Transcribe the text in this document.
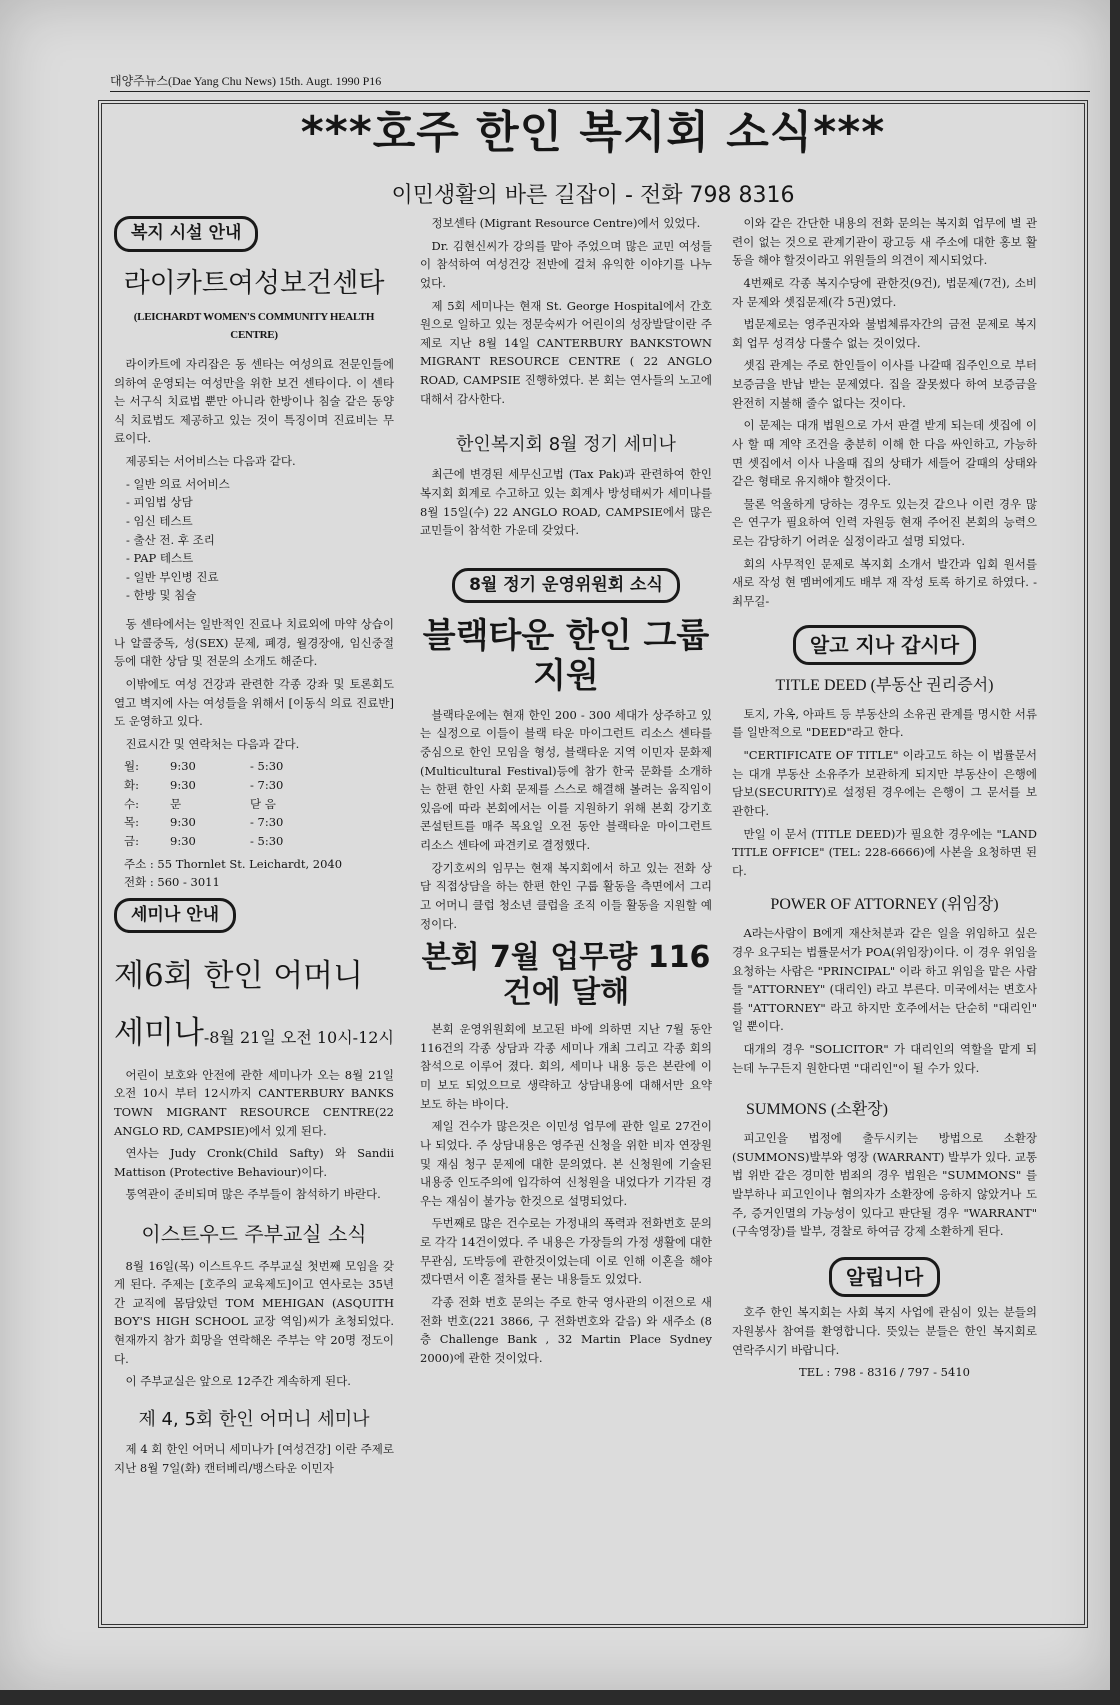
대양주뉴스(Dae Yang Chu News) 15th. Augt. 1990 P16
***호주 한인 복지회 소식***
이민생활의 바른 길잡이 - 전화 798 8316
복지 시설 안내
라이카트여성보건센타
(LEICHARDT WOMEN'S COMMUNITY HEALTH CENTRE)

라이카트에 자리잡은 동 센타는 여성의료 전문인들에 의하여 운영되는 여성만을 위한 보건 센타이다. 이 센타는 서구식 치료법 뿐만 아니라 한방이나 침술 같은 동양식 치료법도 제공하고 있는 것이 특징이며 진료비는 무료이다.

제공되는 서어비스는 다음과 같다.

- 일반 의료 서어비스
- 피임법 상담
- 임신 테스트
- 출산 전. 후 조리
- PAP 테스트
- 일반 부인병 진료
- 한방 및 침술

동 센타에서는 일반적인 진료나 치료외에 마약 상습이나 알콜중독, 성(SEX) 문제, 폐경, 월경장애, 임신중절 등에 대한 상담 및 전문의 소개도 해준다.

이밖에도 여성 건강과 관련한 각종 강좌 및 토론회도 열고 벽지에 사는 여성들을 위해서 [이동식 의료 진료반] 도 운영하고 있다.

진료시간 및 연락처는 다음과 같다.

월:	9:30	- 5:30
화:	9:30	- 7:30
수:	문	닫 음
목:	9:30	- 7:30
금:	9:30	- 5:30
주소 : 55 Thornlet St. Leichardt, 2040
전화 : 560 - 3011
세미나 안내
제6회 한인 어머니
세미나-8월 21일 오전 10시-12시

어린이 보호와 안전에 관한 세미나가 오는 8월 21일 오전 10시 부터 12시까지 CANTERBURY BANKS TOWN MIGRANT RESOURCE CENTRE(22 ANGLO RD, CAMPSIE)에서 있게 된다.

연사는 Judy Cronk(Child Safty) 와 Sandii Mattison (Protective Behaviour)이다.

통역관이 준비되며 많은 주부들이 참석하기 바란다.

이스트우드 주부교실 소식

8월 16일(목) 이스트우드 주부교실 첫번째 모임을 갖게 된다. 주제는 [호주의 교육제도]이고 연사로는 35년간 교직에 몸담았던 TOM MEHIGAN (ASQUITH BOY'S HIGH SCHOOL 교장 역임)씨가 초청되었다. 현재까지 참가 희망을 연락해온 주부는 약 20명 정도이다.

이 주부교실은 앞으로 12주간 계속하게 된다.

제 4, 5회 한인 어머니 세미나

제 4 회 한인 어머니 세미나가 [여성건강] 이란 주제로 지난 8월 7일(화) 캔터베리/뱅스타운 이민자

정보센타 (Migrant Resource Centre)에서 있었다.

Dr. 김현신씨가 강의를 맡아 주었으며 많은 교민 여성들이 참석하여 여성건강 전반에 걸쳐 유익한 이야기를 나누었다.

제 5회 세미나는 현재 St. George Hospital에서 간호원으로 일하고 있는 정문숙씨가 어린이의 성장발달이란 주제로 지난 8월 14일 CANTERBURY BANKSTOWN MIGRANT RESOURCE CENTRE ( 22 ANGLO ROAD, CAMPSIE 진행하였다. 본 회는 연사들의 노고에 대해서 감사한다.

한인복지회 8월 정기 세미나

최근에 변경된 세무신고법 (Tax Pak)과 관련하여 한인복지회 회계로 수고하고 있는 회계사 방성태씨가 세미나를 8월 15일(수) 22 ANGLO ROAD, CAMPSIE에서 많은 교민들이 참석한 가운데 갖었다.

8월 정기 운영위원회 소식
블랙타운 한인 그룹 지원

블랙타운에는 현재 한인 200 - 300 세대가 상주하고 있는 실정으로 이들이 블랙 타운 마이그런트 리소스 센타를 중심으로 한인 모임을 형성, 블랙타운 지역 이민자 문화제(Multicultural Festival)등에 참가 한국 문화를 소개하는 한편 한인 사회 문제를 스스로 해결해 볼려는 움직임이 있음에 따라 본회에서는 이를 지원하기 위해 본회 강기호 콘설턴트를 매주 목요일 오전 동안 블랙타운 마이그런트 리소스 센타에 파견키로 결정했다.

강기호씨의 임무는 현재 복지회에서 하고 있는 전화 상담 직접상담을 하는 한편 한인 구룹 활동을 측면에서 그리고 어머니 클럽 청소년 클럽을 조직 이들 활동을 지원할 예정이다.

본회 7월 업무량 116건에 달해

본회 운영위원회에 보고된 바에 의하면 지난 7월 동안 116건의 각종 상담과 각종 세미나 개최 그리고 각종 회의 참석으로 이루어 졌다. 회의, 세미나 내용 등은 본란에 이미 보도 되었으므로 생략하고 상담내용에 대해서만 요약 보도 하는 바이다.

제일 건수가 많은것은 이민성 업무에 관한 일로 27건이나 되었다. 주 상담내용은 영주권 신청을 위한 비자 연장원및 재심 청구 문제에 대한 문의였다. 본 신청원에 기술된 내용중 인도주의에 입각하여 신청원을 내었다가 기각된 경우는 재심이 불가능 한것으로 설명되었다.

두번째로 많은 건수로는 가정내의 폭력과 전화번호 문의로 각각 14건이였다. 주 내용은 가장들의 가정 생활에 대한 무관심, 도박등에 관한것이었는데 이로 인해 이혼을 해야겠다면서 이혼 절차를 묻는 내용들도 있었다.

각종 전화 번호 문의는 주로 한국 영사관의 이전으로 새 전화 번호(221 3866, 구 전화번호와 같음) 와 새주소 (8층 Challenge Bank , 32 Martin Place Sydney 2000)에 관한 것이었다.

이와 같은 간단한 내용의 전화 문의는 복지회 업무에 별 관련이 없는 것으로 관계기관이 광고등 새 주소에 대한 홍보 활동을 해야 할것이라고 위원들의 의견이 제시되었다.

4번째로 각종 복지수당에 관한것(9건), 법문제(7건), 소비자 문제와 셋집문제(각 5권)였다.

법문제로는 영주권자와 불법체류자간의 금전 문제로 복지회 업무 성격상 다룰수 없는 것이었다.

셋집 관계는 주로 한인들이 이사를 나갈때 집주인으로 부터 보증금을 반납 받는 문제였다. 집을 잘못썼다 하여 보증금을 완전히 지불해 줄수 없다는 것이다.

이 문제는 대개 법원으로 가서 판결 받게 되는데 셋집에 이사 할 때 계약 조건을 충분히 이해 한 다음 싸인하고, 가능하면 셋집에서 이사 나올때 집의 상태가 세들어 갈때의 상태와 같은 형태로 유지해야 할것이다.

물론 억울하게 당하는 경우도 있는것 같으나 이런 경우 많은 연구가 필요하여 인력 자원등 현재 주어진 본회의 능력으로는 감당하기 어려운 실정이라고 설명 되었다.

회의 사무적인 문제로 복지회 소개서 발간과 입회 원서를 새로 작성 현 멤버에게도 배부 재 작성 토록 하기로 하였다. -최무길-

알고 지나 갑시다
TITLE DEED (부동산 권리증서)

토지, 가옥, 아파트 등 부동산의 소유권 관계를 명시한 서류를 일반적으로 "DEED"라고 한다.

"CERTIFICATE OF TITLE" 이라고도 하는 이 법률문서는 대개 부동산 소유주가 보관하게 되지만 부동산이 은행에 담보(SECURITY)로 설정된 경우에는 은행이 그 문서를 보관한다.

만일 이 문서 (TITLE DEED)가 필요한 경우에는 "LAND TITLE OFFICE" (TEL: 228-6666)에 사본을 요청하면 된다.

POWER OF ATTORNEY (위임장)

A라는사람이 B에게 재산처분과 같은 일을 위임하고 싶은 경우 요구되는 법률문서가 POA(위임장)이다. 이 경우 위임을 요청하는 사람은 "PRINCIPAL" 이라 하고 위임을 맡은 사람들 "ATTORNEY" (대리인) 라고 부른다. 미국에서는 변호사를 "ATTORNEY" 라고 하지만 호주에서는 단순히 "대리인" 일 뿐이다.

대개의 경우 "SOLICITOR" 가 대리인의 역할을 맡게 되는데 누구든지 원한다면 "대리인"이 될 수가 있다.

SUMMONS (소환장)

피고인을 법정에 출두시키는 방법으로 소환장(SUMMONS)발부와 영장 (WARRANT) 발부가 있다. 교통법 위반 같은 경미한 범죄의 경우 법원은 "SUMMONS" 를 발부하나 피고인이나 혐의자가 소환장에 응하지 않았거나 도주, 증거인멸의 가능성이 있다고 판단될 경우 "WARRANT" (구속영장)를 발부, 경찰로 하여금 강제 소환하게 된다.

알립니다

호주 한인 복지회는 사회 복지 사업에 관심이 있는 분들의 자원봉사 참여를 환영합니다. 뜻있는 분들은 한인 복지회로 연락주시기 바랍니다.

TEL : 798 - 8316 / 797 - 5410
